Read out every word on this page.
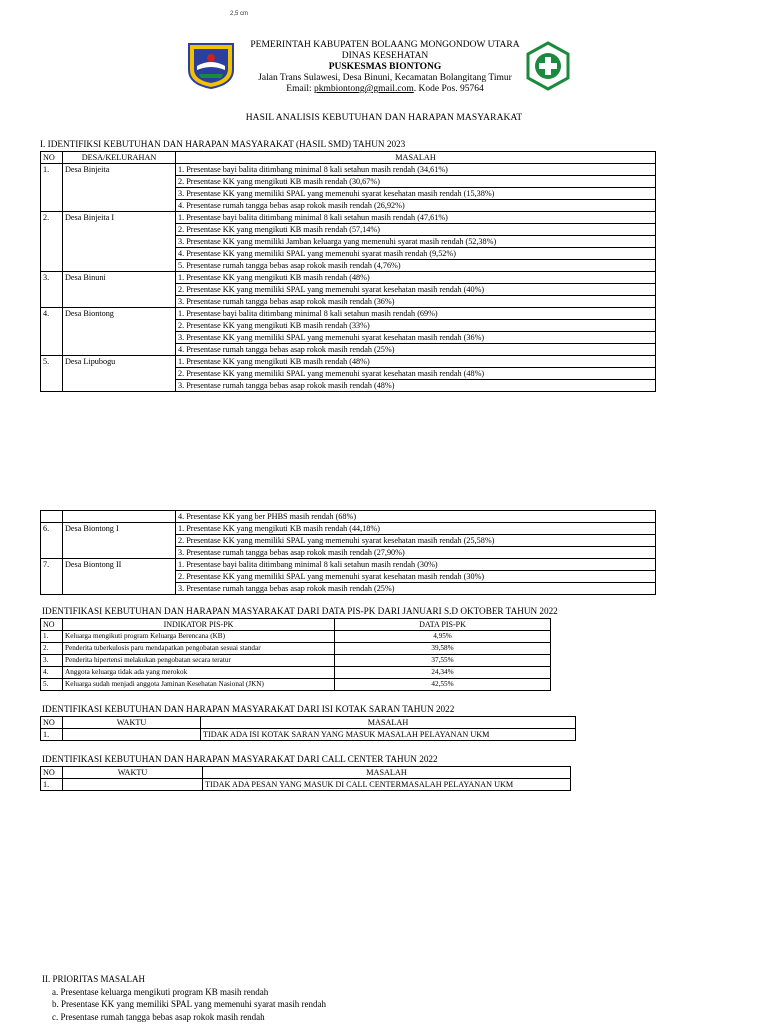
2,5 cm
PEMERINTAH KABUPATEN BOLAANG MONGONDOW UTARA
DINAS KESEHATAN
PUSKESMAS BIONTONG
Jalan Trans Sulawesi, Desa Binuni, Kecamatan Bolangitang Timur
Email: pkmbiontong@gmail.com. Kode Pos. 95764
HASIL ANALISIS KEBUTUHAN DAN HARAPAN MASYARAKAT
I. IDENTIFIKSI KEBUTUHAN DAN HARAPAN MASYARAKAT (HASIL SMD) TAHUN 2023
NO	DESA/KELURAHAN	MASALAH
1.	Desa Binjeita	1. Presentase bayi balita ditimbang minimal 8 kali setahun masih rendah (34,61%)
		2. Presentase KK yang mengikuti KB masih rendah (30,67%)
		3. Presentase KK yang memiliki SPAL yang memenuhi syarat kesehatan masih rendah (15,38%)
		4. Presentase rumah tangga bebas asap rokok masih rendah (26,92%)
2.	Desa Binjeita I	1. Presentase bayi balita ditimbang minimal 8 kali setahun masih rendah (47,61%)
		2. Presentase KK yang mengikuti KB masih rendah (57,14%)
		3. Presentase KK yang memiliki Jamban keluarga yang memenuhi syarat masih rendah (52,38%)
		4. Presentase KK yang memiliki SPAL yang memenuhi syarat masih rendah (9,52%)
		5. Presentase rumah tangga bebas asap rokok masih rendah (4,76%)
3.	Desa Binuni	1. Presentase KK yang mengikuti KB masih rendah (48%)
		2. Presentase KK yang memiliki SPAL yang memenuhi syarat kesehatan masih rendah (40%)
		3. Presentase rumah tangga bebas asap rokok masih rendah (36%)
4.	Desa Biontong	1. Presentase bayi balita ditimbang minimal 8 kali setahun masih rendah (69%)
		2. Presentase KK yang mengikuti KB masih rendah (33%)
		3. Presentase KK yang memiliki SPAL yang memenuhi syarat kesehatan masih rendah (36%)
		4. Presentase rumah tangga bebas asap rokok masih rendah (25%)
5.	Desa Lipubogu	1. Presentase KK yang mengikuti KB masih rendah (48%)
		2. Presentase KK yang memiliki SPAL yang memenuhi syarat kesehatan masih rendah (48%)
		3. Presentase rumah tangga bebas asap rokok masih rendah (48%)
		4. Presentase KK yang ber PHBS masih rendah (68%)
6.	Desa Biontong I	1. Presentase KK yang mengikuti KB masih rendah (44,18%)
		2. Presentase KK yang memiliki SPAL yang memenuhi syarat kesehatan masih rendah (25,58%)
		3. Presentase rumah tangga bebas asap rokok masih rendah (27,90%)
7.	Desa Biontong II	1. Presentase bayi balita ditimbang minimal 8 kali setahun masih rendah (30%)
		2. Presentase KK yang memiliki SPAL yang memenuhi syarat kesehatan masih rendah (30%)
		3. Presentase rumah tangga bebas asap rokok masih rendah (25%)
IDENTIFIKASI KEBUTUHAN DAN HARAPAN MASYARAKAT DARI DATA PIS-PK DARI JANUARI S.D OKTOBER TAHUN 2022
NO	INDIKATOR PIS-PK	DATA PIS-PK
1.	Keluarga mengikuti program Keluarga Berencana (KB)	4,95%
2.	Penderita tuberkulosis paru mendapatkan pengobatan sesuai standar	39,58%
3.	Penderita hipertensi melakukan pengobatan secara teratur	37,55%
4.	Anggota keluarga tidak ada yang merokok	24,34%
5.	Keluarga sudah menjadi anggota Jaminan Kesehatan Nasional (JKN)	42,55%
IDENTIFIKASI KEBUTUHAN DAN HARAPAN MASYARAKAT DARI ISI KOTAK SARAN TAHUN 2022
NO	WAKTU	MASALAH
1.		TIDAK ADA ISI KOTAK SARAN YANG MASUK MASALAH PELAYANAN UKM
IDENTIFIKASI KEBUTUHAN DAN HARAPAN MASYARAKAT DARI CALL CENTER TAHUN 2022
NO	WAKTU	MASALAH
1.		TIDAK ADA PESAN YANG MASUK DI CALL CENTERMASALAH PELAYANAN UKM
II. PRIORITAS MASALAH
a. Presentase keluarga mengikuti program KB masih rendah
b. Presentase KK yang memiliki SPAL yang memenuhi syarat masih rendah
c. Presentase rumah tangga bebas asap rokok masih rendah
